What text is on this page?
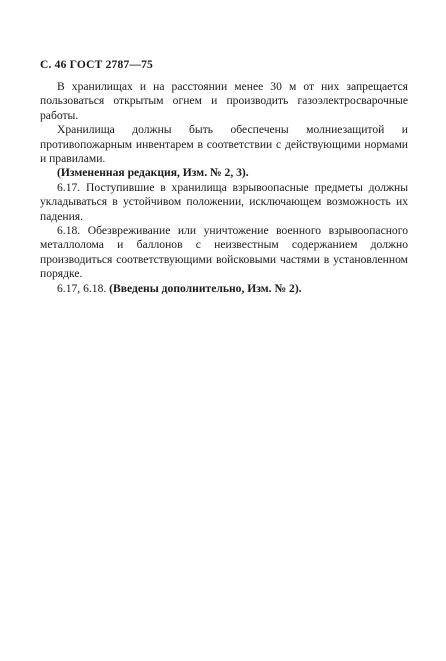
С. 46 ГОСТ 2787—75

В хранилищах и на расстоянии менее 30 м от них запрещается пользоваться открытым огнем и производить газоэлектросварочные работы.

Хранилища должны быть обеспечены молниезащитой и противопожарным инвентарем в соответствии с действующими нормами и правилами.

(Измененная редакция, Изм. № 2, 3).

6.17. Поступившие в хранилища взрывоопасные предметы должны укладываться в устойчивом положении, исключающем возможность их падения.

6.18. Обезвреживание или уничтожение военного взрывоопасного металлолома и баллонов с неизвестным содержанием должно производиться соответствующими войсковыми частями в установленном порядке.

6.17, 6.18. (Введены дополнительно, Изм. № 2).
